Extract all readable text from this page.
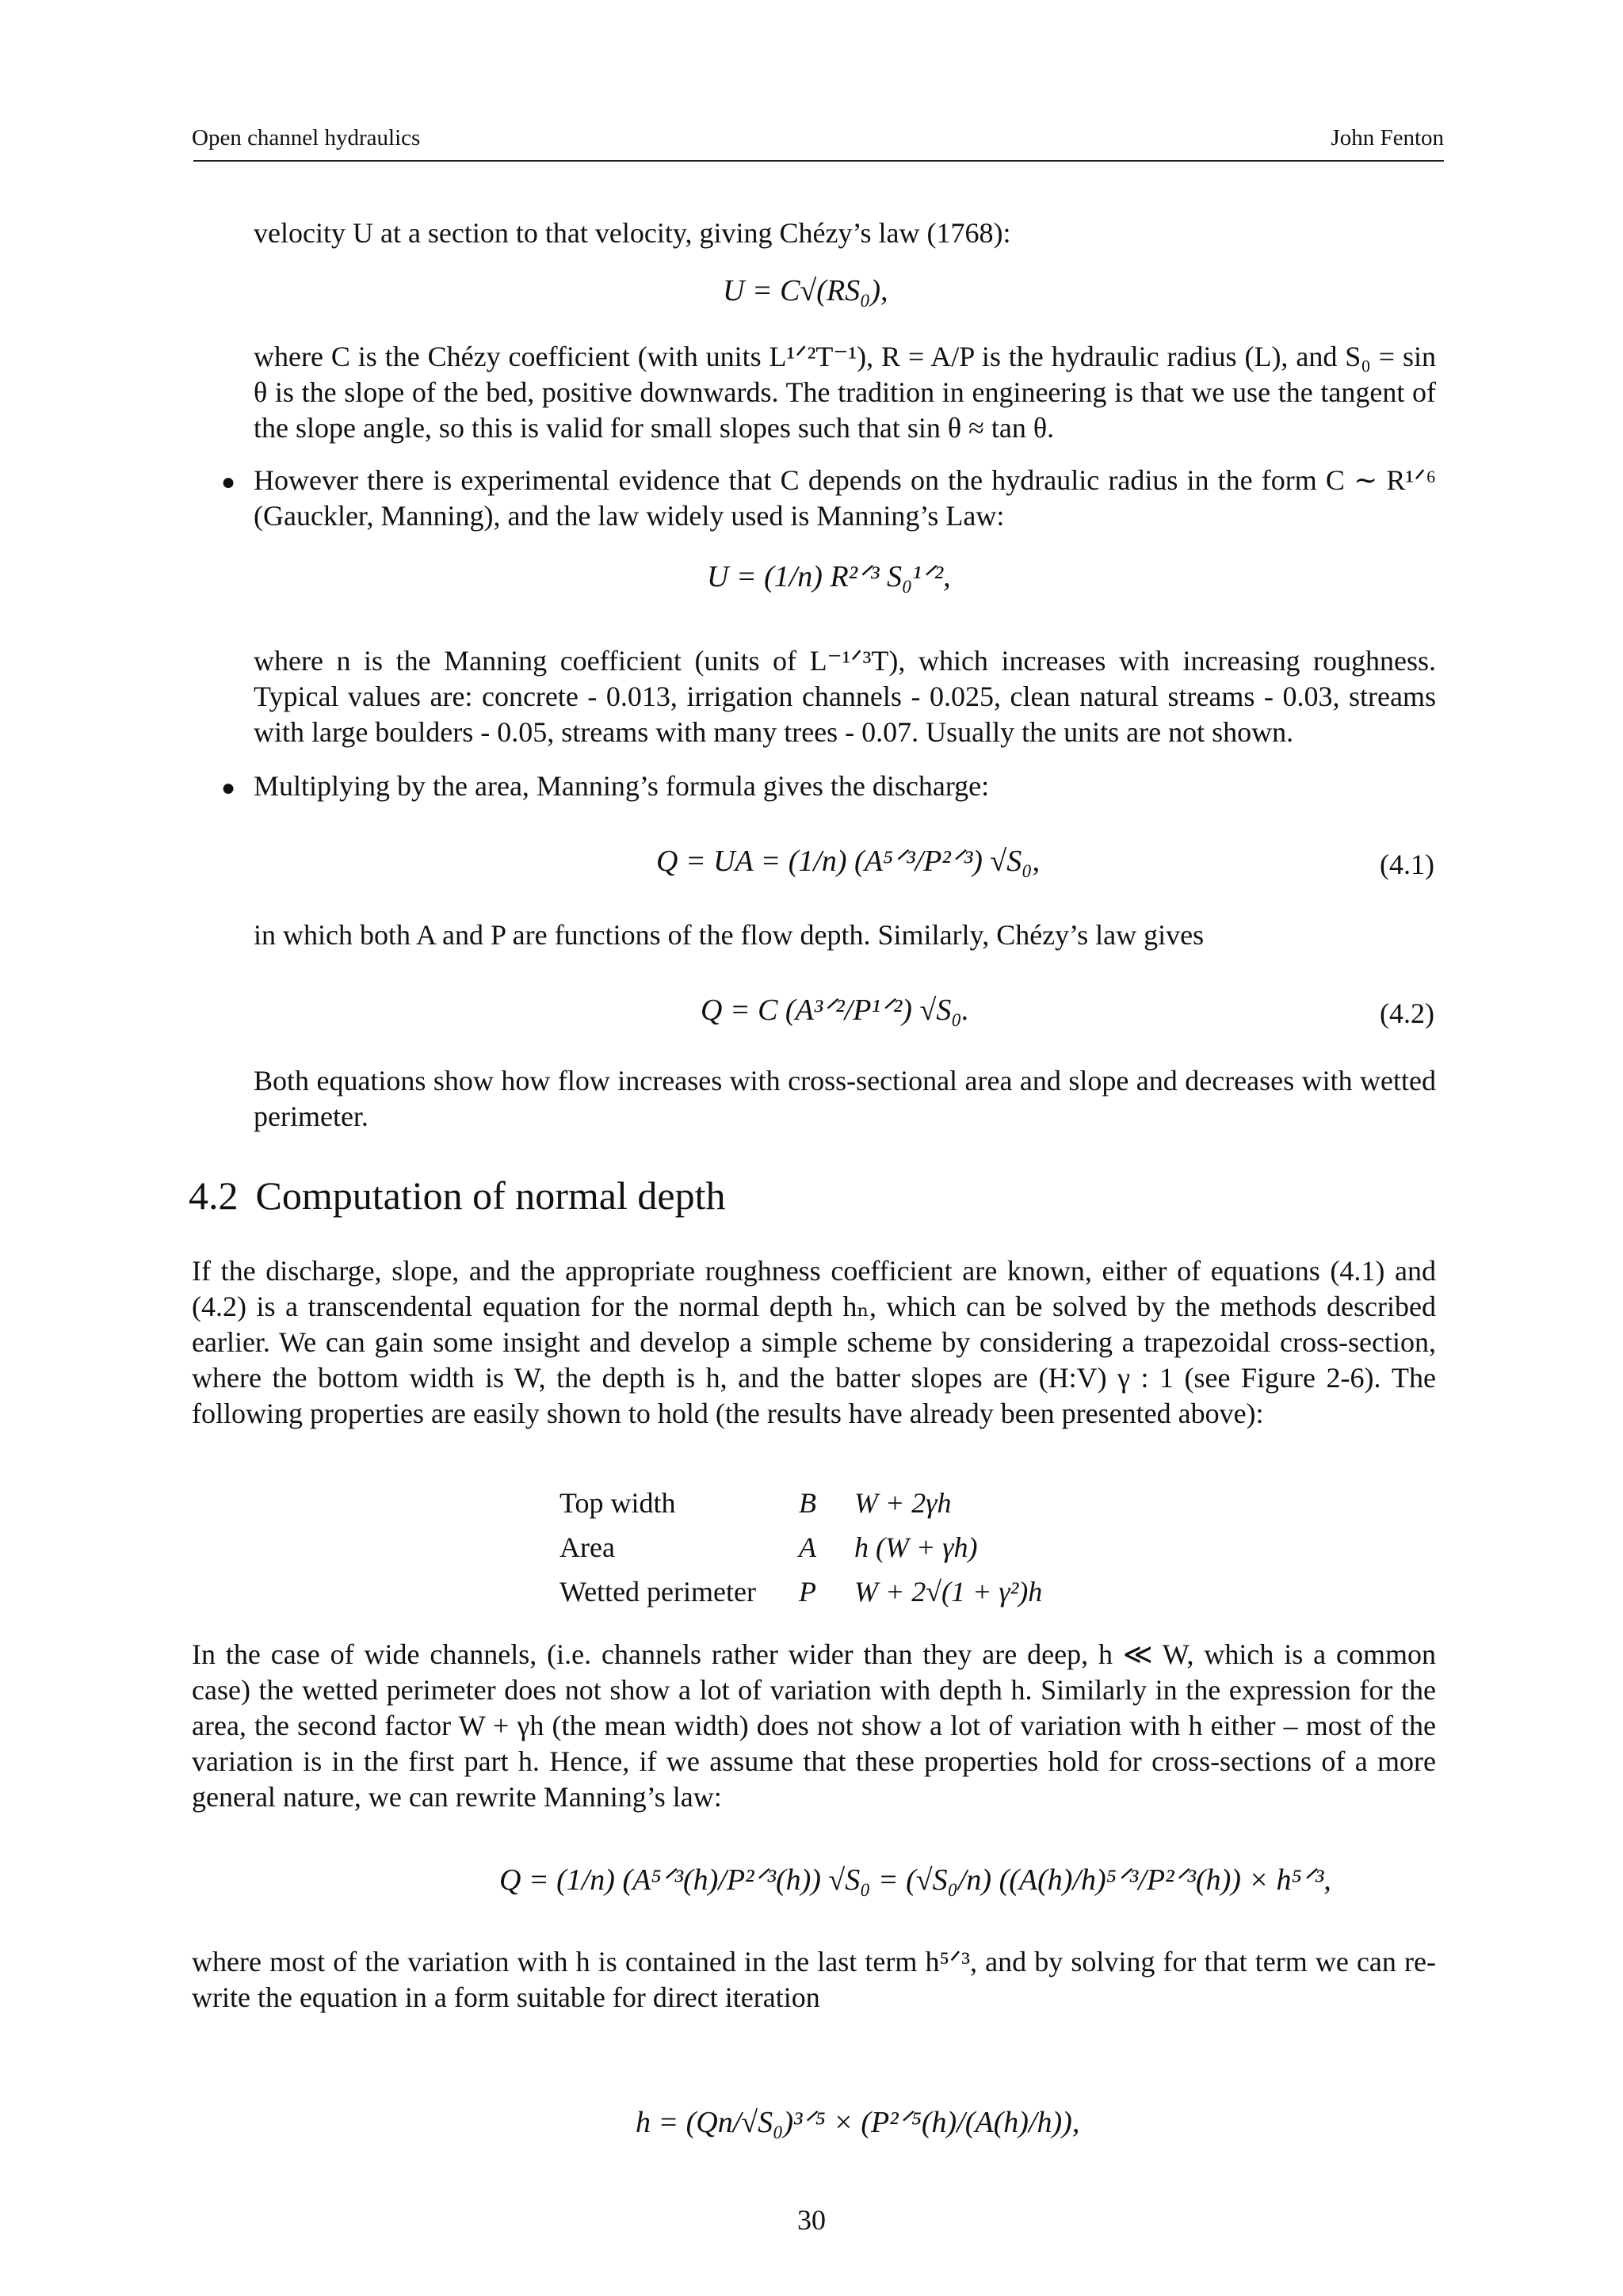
Open channel hydraulics	John Fenton
velocity U at a section to that velocity, giving Chézy’s law (1768):
U = C√(RS₀),
where C is the Chézy coefficient (with units L¹ᐟ²T⁻¹), R = A/P is the hydraulic radius (L), and S₀ = sin θ is the slope of the bed, positive downwards. The tradition in engineering is that we use the tangent of the slope angle, so this is valid for small slopes such that sin θ ≈ tan θ.
● However there is experimental evidence that C depends on the hydraulic radius in the form C ∼ R¹ᐟ⁶ (Gauckler, Manning), and the law widely used is Manning’s Law:
U = (1/n) R²ᐟ³ S₀¹ᐟ²,
where n is the Manning coefficient (units of L⁻¹ᐟ³T), which increases with increasing roughness. Typical values are: concrete - 0.013, irrigation channels - 0.025, clean natural streams - 0.03, streams with large boulders - 0.05, streams with many trees - 0.07. Usually the units are not shown.
● Multiplying by the area, Manning’s formula gives the discharge:
Q = UA = (1/n) (A⁵ᐟ³/P²ᐟ³) √S₀,	(4.1)
in which both A and P are functions of the flow depth. Similarly, Chézy’s law gives
Q = C (A³ᐟ²/P¹ᐟ²) √S₀.	(4.2)
Both equations show how flow increases with cross-sectional area and slope and decreases with wetted perimeter.
4.2 Computation of normal depth
If the discharge, slope, and the appropriate roughness coefficient are known, either of equations (4.1) and (4.2) is a transcendental equation for the normal depth hₙ, which can be solved by the methods described earlier. We can gain some insight and develop a simple scheme by considering a trapezoidal cross-section, where the bottom width is W, the depth is h, and the batter slopes are (H:V) γ : 1 (see Figure 2-6). The following properties are easily shown to hold (the results have already been presented above):
Top width	B W + 2γh
Area	A h (W + γh)
Wetted perimeter P W + 2√(1 + γ²)h
In the case of wide channels, (i.e. channels rather wider than they are deep, h ≪ W, which is a common case) the wetted perimeter does not show a lot of variation with depth h. Similarly in the expression for the area, the second factor W + γh (the mean width) does not show a lot of variation with h either – most of the variation is in the first part h. Hence, if we assume that these properties hold for cross-sections of a more general nature, we can rewrite Manning’s law:
Q = (1/n) (A⁵ᐟ³(h)/P²ᐟ³(h)) √S₀ = (√S₀/n) ((A(h)/h)⁵ᐟ³/P²ᐟ³(h)) × h⁵ᐟ³,
where most of the variation with h is contained in the last term h⁵ᐟ³, and by solving for that term we can re-write the equation in a form suitable for direct iteration
h = (Qn/√S₀)³ᐟ⁵ × (P²ᐟ⁵(h)/(A(h)/h)),
30
